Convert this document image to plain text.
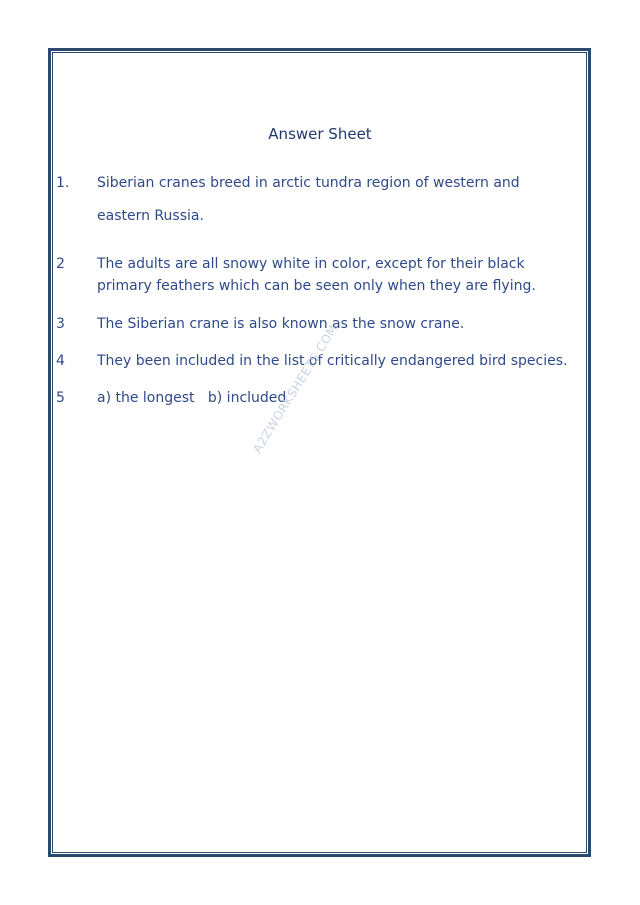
Answer Sheet
1.	Siberian cranes breed in arctic tundra region of western and
eastern Russia.
2	The adults are all snowy white in color, except for their black
primary feathers which can be seen only when they are flying.
3	The Siberian crane is also known as the snow crane.
4	They been included in the list of critically endangered bird species.
5	a) the longest   b) included
A2ZWORKSHEETS.COM
